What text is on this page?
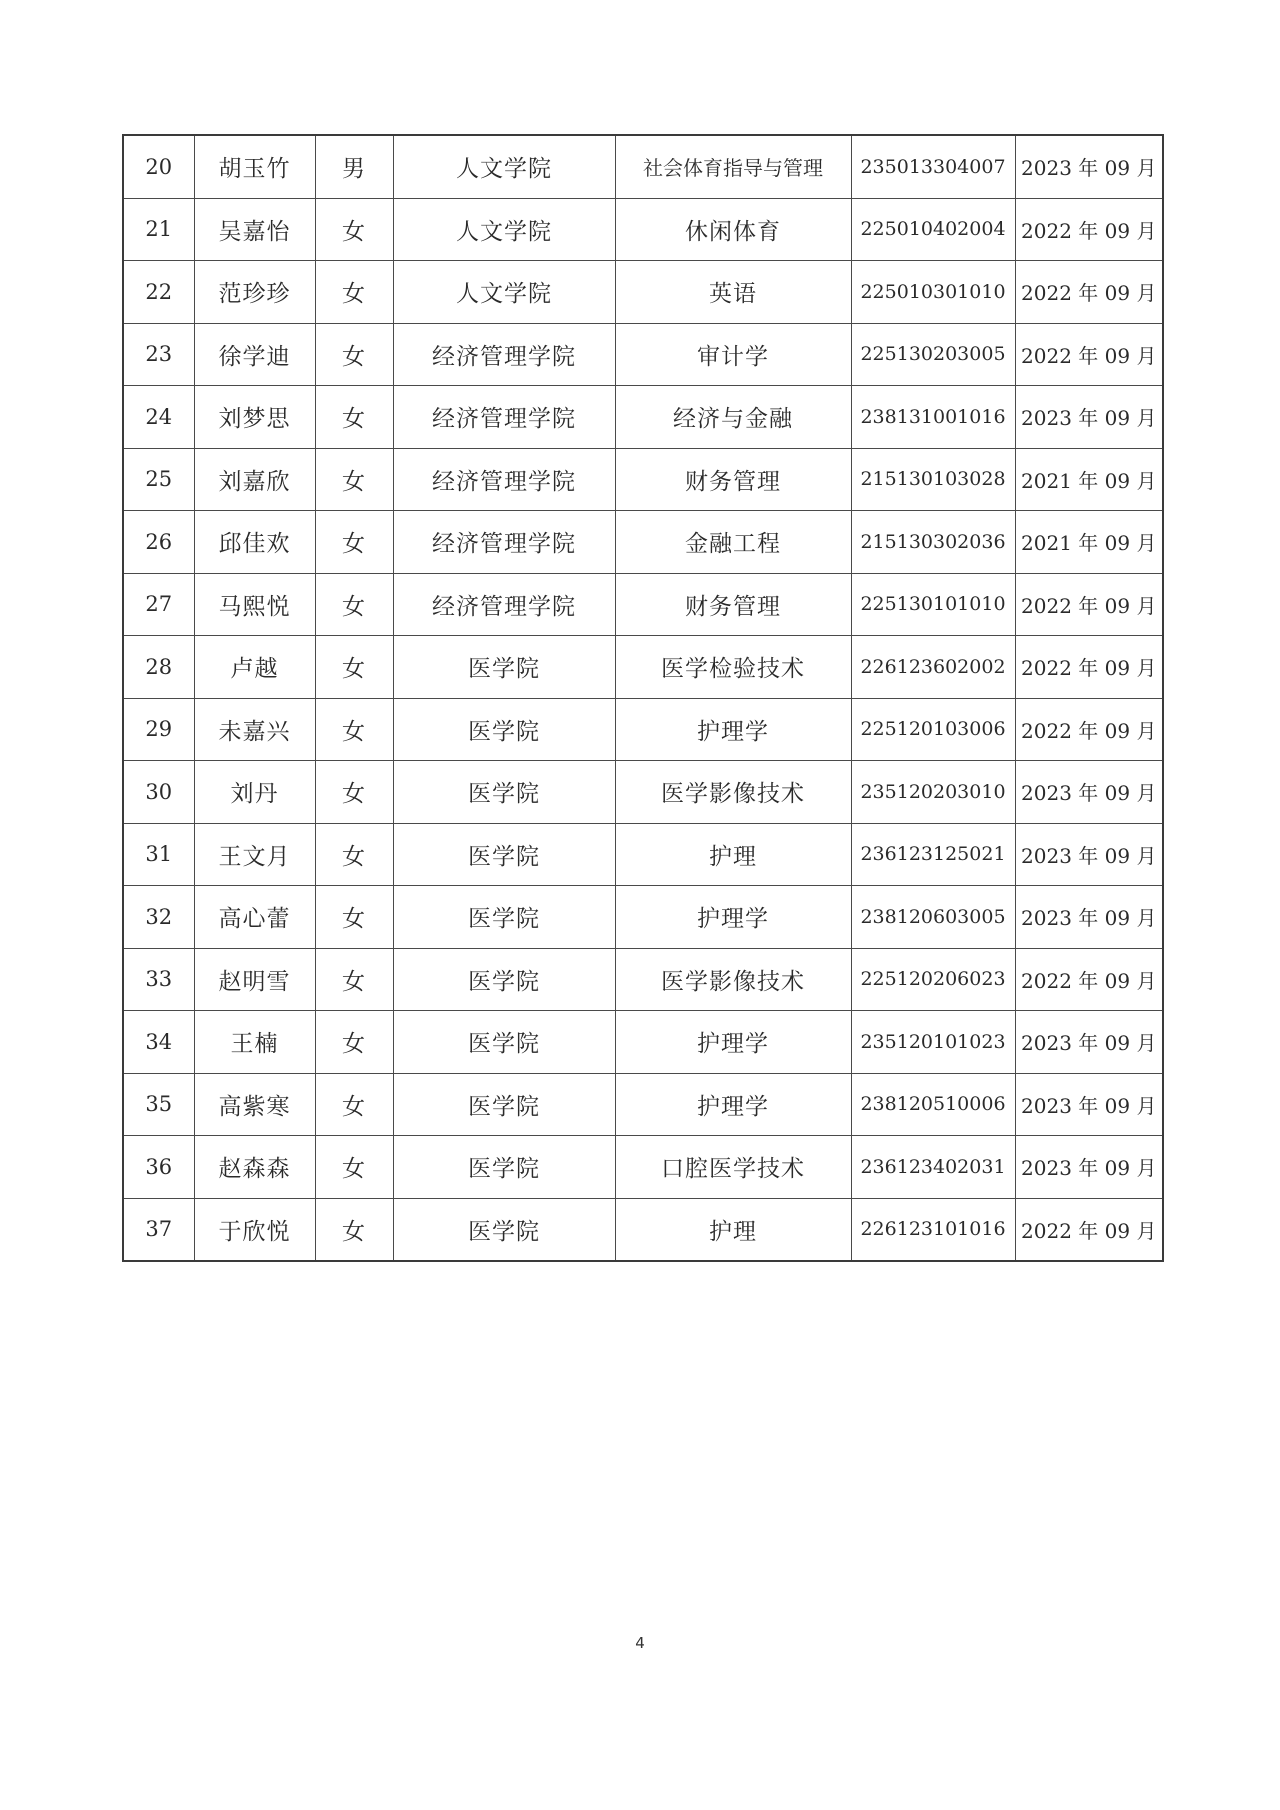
20	胡玉竹	男	人文学院	社会体育指导与管理	235013304007	2023 年 09 月
21	吴嘉怡	女	人文学院	休闲体育	225010402004	2022 年 09 月
22	范珍珍	女	人文学院	英语	225010301010	2022 年 09 月
23	徐学迪	女	经济管理学院	审计学	225130203005	2022 年 09 月
24	刘梦思	女	经济管理学院	经济与金融	238131001016	2023 年 09 月
25	刘嘉欣	女	经济管理学院	财务管理	215130103028	2021 年 09 月
26	邱佳欢	女	经济管理学院	金融工程	215130302036	2021 年 09 月
27	马熙悦	女	经济管理学院	财务管理	225130101010	2022 年 09 月
28	卢越	女	医学院	医学检验技术	226123602002	2022 年 09 月
29	未嘉兴	女	医学院	护理学	225120103006	2022 年 09 月
30	刘丹	女	医学院	医学影像技术	235120203010	2023 年 09 月
31	王文月	女	医学院	护理	236123125021	2023 年 09 月
32	高心蕾	女	医学院	护理学	238120603005	2023 年 09 月
33	赵明雪	女	医学院	医学影像技术	225120206023	2022 年 09 月
34	王楠	女	医学院	护理学	235120101023	2023 年 09 月
35	高紫寒	女	医学院	护理学	238120510006	2023 年 09 月
36	赵森森	女	医学院	口腔医学技术	236123402031	2023 年 09 月
37	于欣悦	女	医学院	护理	226123101016	2022 年 09 月
4
